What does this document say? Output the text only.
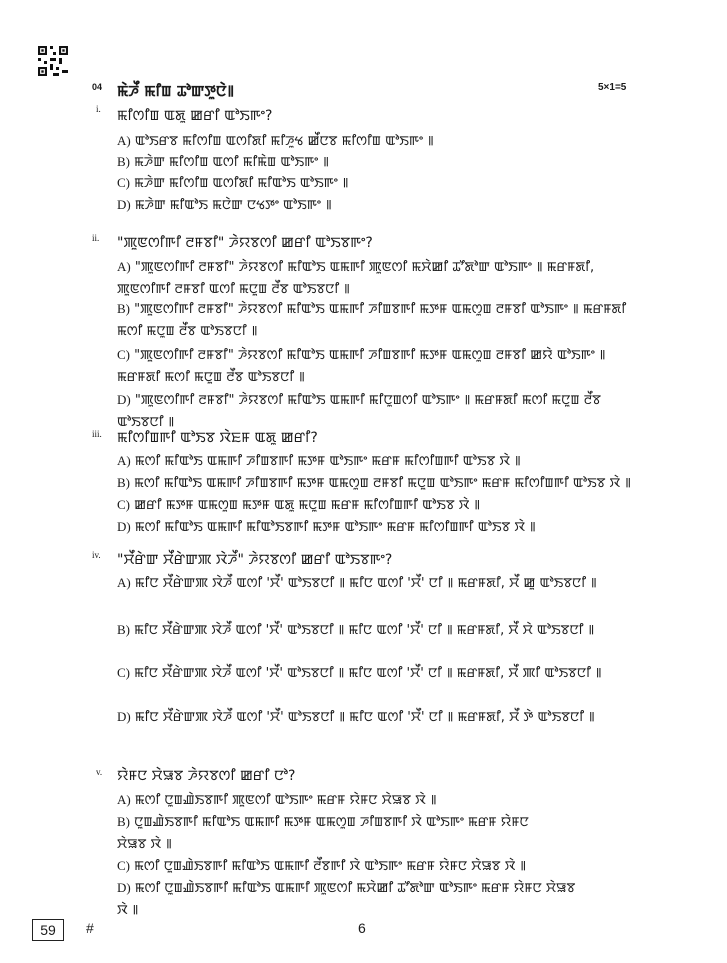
04 ꯃꯥꯍꯩ ꯃꯤꯡ ꯊꯣꯛꯇꯨꯅꯥ꯫	5×1=5
i. ꯃꯤꯁꯤꯡ ꯑꯗꯨ ꯀꯔꯤ ꯑꯣꯏꯒꯦ?
A) ꯑꯣꯏꯔꯕ ꯃꯤꯁꯤꯡ ꯑꯁꯤꯗꯤ ꯃꯤꯍꯨꯠ ꯀꯩꯅꯕ ꯃꯤꯁꯤꯡ ꯑꯣꯏꯒꯦ ꯫
B) ꯃꯍꯥꯛ ꯃꯤꯁꯤꯡ ꯑꯁꯤ ꯃꯤꯃꯥꯡ ꯑꯣꯏꯒꯦ ꯫
C) ꯃꯍꯥꯛ ꯃꯤꯁꯤꯡ ꯑꯁꯤꯗꯤ ꯃꯤꯑꯣꯏ ꯑꯣꯏꯒꯦ ꯫
D) ꯃꯍꯥꯛ ꯃꯤꯑꯣꯏ ꯃꯅꯥꯛ ꯅꯠꯇꯦ ꯑꯣꯏꯒꯦ ꯫
ii. "ꯄꯨꯟꯁꯤꯒꯤ ꯂꯝꯕꯤ" ꯍꯥꯌꯕꯁꯤ ꯀꯔꯤ ꯑꯣꯏꯕꯒꯦ?
A) "ꯄꯨꯟꯁꯤꯒꯤ ꯂꯝꯕꯤ" ꯍꯥꯌꯕꯁꯤ ꯃꯤꯑꯣꯏ ꯑꯃꯒꯤ ꯄꯨꯟꯁꯤ ꯃꯆꯥꯀꯤ ꯊꯧꯗꯣꯛ ꯑꯣꯏꯒꯦ ꯫ ꯃꯔꯝꯗꯤ, ꯄꯨꯟꯁꯤꯒꯤ ꯂꯝꯕꯤ ꯑꯁꯤ ꯃꯅꯨꯡ ꯂꯩꯕ ꯑꯣꯏꯕꯅꯤ ꯫
B) "ꯄꯨꯟꯁꯤꯒꯤ ꯂꯝꯕꯤ" ꯍꯥꯌꯕꯁꯤ ꯃꯤꯑꯣꯏ ꯑꯃꯒꯤ ꯍꯤꯡꯕꯒꯤ ꯃꯇꯝ ꯑꯃꯁꯨꯡ ꯂꯝꯕꯤ ꯑꯣꯏꯒꯦ ꯫ ꯃꯔꯝꯗꯤ ꯃꯁꯤ ꯃꯅꯨꯡ ꯂꯩꯕ ꯑꯣꯏꯕꯅꯤ ꯫
C) "ꯄꯨꯟꯁꯤꯒꯤ ꯂꯝꯕꯤ" ꯍꯥꯌꯕꯁꯤ ꯃꯤꯑꯣꯏ ꯑꯃꯒꯤ ꯍꯤꯡꯕꯒꯤ ꯃꯇꯝ ꯑꯃꯁꯨꯡ ꯂꯝꯕꯤ ꯀꯌꯥ ꯑꯣꯏꯒꯦ ꯫ ꯃꯔꯝꯗꯤ ꯃꯁꯤ ꯃꯅꯨꯡ ꯂꯩꯕ ꯑꯣꯏꯕꯅꯤ ꯫
D) "ꯄꯨꯟꯁꯤꯒꯤ ꯂꯝꯕꯤ" ꯍꯥꯌꯕꯁꯤ ꯃꯤꯑꯣꯏ ꯑꯃꯒꯤ ꯃꯤꯅꯨꯡꯁꯤ ꯑꯣꯏꯒꯦ ꯫ ꯃꯔꯝꯗꯤ ꯃꯁꯤ ꯃꯅꯨꯡ ꯂꯩꯕ ꯑꯣꯏꯕꯅꯤ ꯫
iii. ꯃꯤꯁꯤꯡꯒꯤ ꯑꯣꯏꯕ ꯋꯥꯐꯝ ꯑꯗꯨ ꯀꯔꯤ?
A) ꯃꯁꯤ ꯃꯤꯑꯣꯏ ꯑꯃꯒꯤ ꯍꯤꯡꯕꯒꯤ ꯃꯇꯝ ꯑꯣꯏꯒꯦ ꯃꯔꯝ ꯃꯤꯁꯤꯡꯒꯤ ꯑꯣꯏꯕ ꯋꯥ ꯫
B) ꯃꯁꯤ ꯃꯤꯑꯣꯏ ꯑꯃꯒꯤ ꯍꯤꯡꯕꯒꯤ ꯃꯇꯝ ꯑꯃꯁꯨꯡ ꯂꯝꯕꯤ ꯃꯅꯨꯡ ꯑꯣꯏꯒꯦ ꯃꯔꯝ ꯃꯤꯁꯤꯡꯒꯤ ꯑꯣꯏꯕ ꯋꯥ ꯫
C) ꯀꯔꯤ ꯃꯇꯝ ꯑꯃꯁꯨꯡ ꯃꯇꯝ ꯑꯗꯨ ꯃꯅꯨꯡ ꯃꯔꯝ ꯃꯤꯁꯤꯡꯒꯤ ꯑꯣꯏꯕ ꯋꯥ ꯫
D) ꯃꯁꯤ ꯃꯤꯑꯣꯏ ꯑꯃꯒꯤ ꯃꯤꯑꯣꯏꯕꯒꯤ ꯃꯇꯝ ꯑꯣꯏꯒꯦ ꯃꯔꯝ ꯃꯤꯁꯤꯡꯒꯤ ꯑꯣꯏꯕ ꯋꯥ ꯫
iv. "ꯆꯩꯔꯥꯛ ꯆꯩꯔꯥꯛꯄ ꯋꯥꯍꯩ" ꯍꯥꯌꯕꯁꯤ ꯀꯔꯤ ꯑꯣꯏꯕꯒꯦ?
A) ꯃꯤꯅ ꯆꯩꯔꯥꯛꯄ ꯋꯥꯍꯩ ꯑꯁꯤ 'ꯆꯩ' ꯑꯣꯏꯕꯅꯤ ꯫ ꯃꯤꯅ ꯑꯁꯤ 'ꯆꯩ' ꯅꯤ ꯫ ꯃꯔꯝꯗꯤ, ꯆꯩ ꯀꯨ ꯑꯣꯏꯕꯅꯤ ꯫
B) ꯃꯤꯅ ꯆꯩꯔꯥꯛꯄ ꯋꯥꯍꯩ ꯑꯁꯤ 'ꯆꯩ' ꯑꯣꯏꯕꯅꯤ ꯫ ꯃꯤꯅ ꯑꯁꯤ 'ꯆꯩ' ꯅꯤ ꯫ ꯃꯔꯝꯗꯤ, ꯆꯩ ꯆꯥ ꯑꯣꯏꯕꯅꯤ ꯫
C) ꯃꯤꯅ ꯆꯩꯔꯥꯛꯄ ꯋꯥꯍꯩ ꯑꯁꯤ 'ꯆꯩ' ꯑꯣꯏꯕꯅꯤ ꯫ ꯃꯤꯅ ꯑꯁꯤ 'ꯆꯩ' ꯅꯤ ꯫ ꯃꯔꯝꯗꯤ, ꯆꯩ ꯄꯤ ꯑꯣꯏꯕꯅꯤ ꯫
D) ꯃꯤꯅ ꯆꯩꯔꯥꯛꯄ ꯋꯥꯍꯩ ꯑꯁꯤ 'ꯆꯩ' ꯑꯣꯏꯕꯅꯤ ꯫ ꯃꯤꯅ ꯑꯁꯤ 'ꯆꯩ' ꯅꯤ ꯫ ꯃꯔꯝꯗꯤ, ꯆꯩ ꯇꯥ ꯑꯣꯏꯕꯅꯤ ꯫
v. ꯌꯥꯝꯅ ꯆꯥꯎꯕ ꯍꯥꯌꯕꯁꯤ ꯀꯔꯤ ꯅꯣ?
A) ꯃꯁꯤ ꯅꯨꯡꯉꯥꯏꯕꯒꯤ ꯄꯨꯟꯁꯤ ꯑꯣꯏꯒꯦ ꯃꯔꯝ ꯌꯥꯝꯅ ꯆꯥꯎꯕ ꯋꯥ ꯫
B) ꯅꯨꯡꯉꯥꯏꯕꯒꯤ ꯃꯤꯑꯣꯏ ꯑꯃꯒꯤ ꯃꯇꯝ ꯑꯃꯁꯨꯡ ꯍꯤꯡꯕꯒꯤ ꯋꯥ ꯑꯣꯏꯒꯦ ꯃꯔꯝ ꯌꯥꯝꯅ ꯆꯥꯎꯕ ꯋꯥ ꯫
C) ꯃꯁꯤ ꯅꯨꯡꯉꯥꯏꯕꯒꯤ ꯃꯤꯑꯣꯏ ꯑꯃꯒꯤ ꯂꯩꯕꯒꯤ ꯋꯥ ꯑꯣꯏꯒꯦ ꯃꯔꯝ ꯌꯥꯝꯅ ꯆꯥꯎꯕ ꯋꯥ ꯫
D) ꯃꯁꯤ ꯅꯨꯡꯉꯥꯏꯕꯒꯤ ꯃꯤꯑꯣꯏ ꯑꯃꯒꯤ ꯄꯨꯟꯁꯤ ꯃꯆꯥꯀꯤ ꯊꯧꯗꯣꯛ ꯑꯣꯏꯒꯦ ꯃꯔꯝ ꯌꯥꯝꯅ ꯆꯥꯎꯕ ꯋꯥ ꯫
59	#	6
